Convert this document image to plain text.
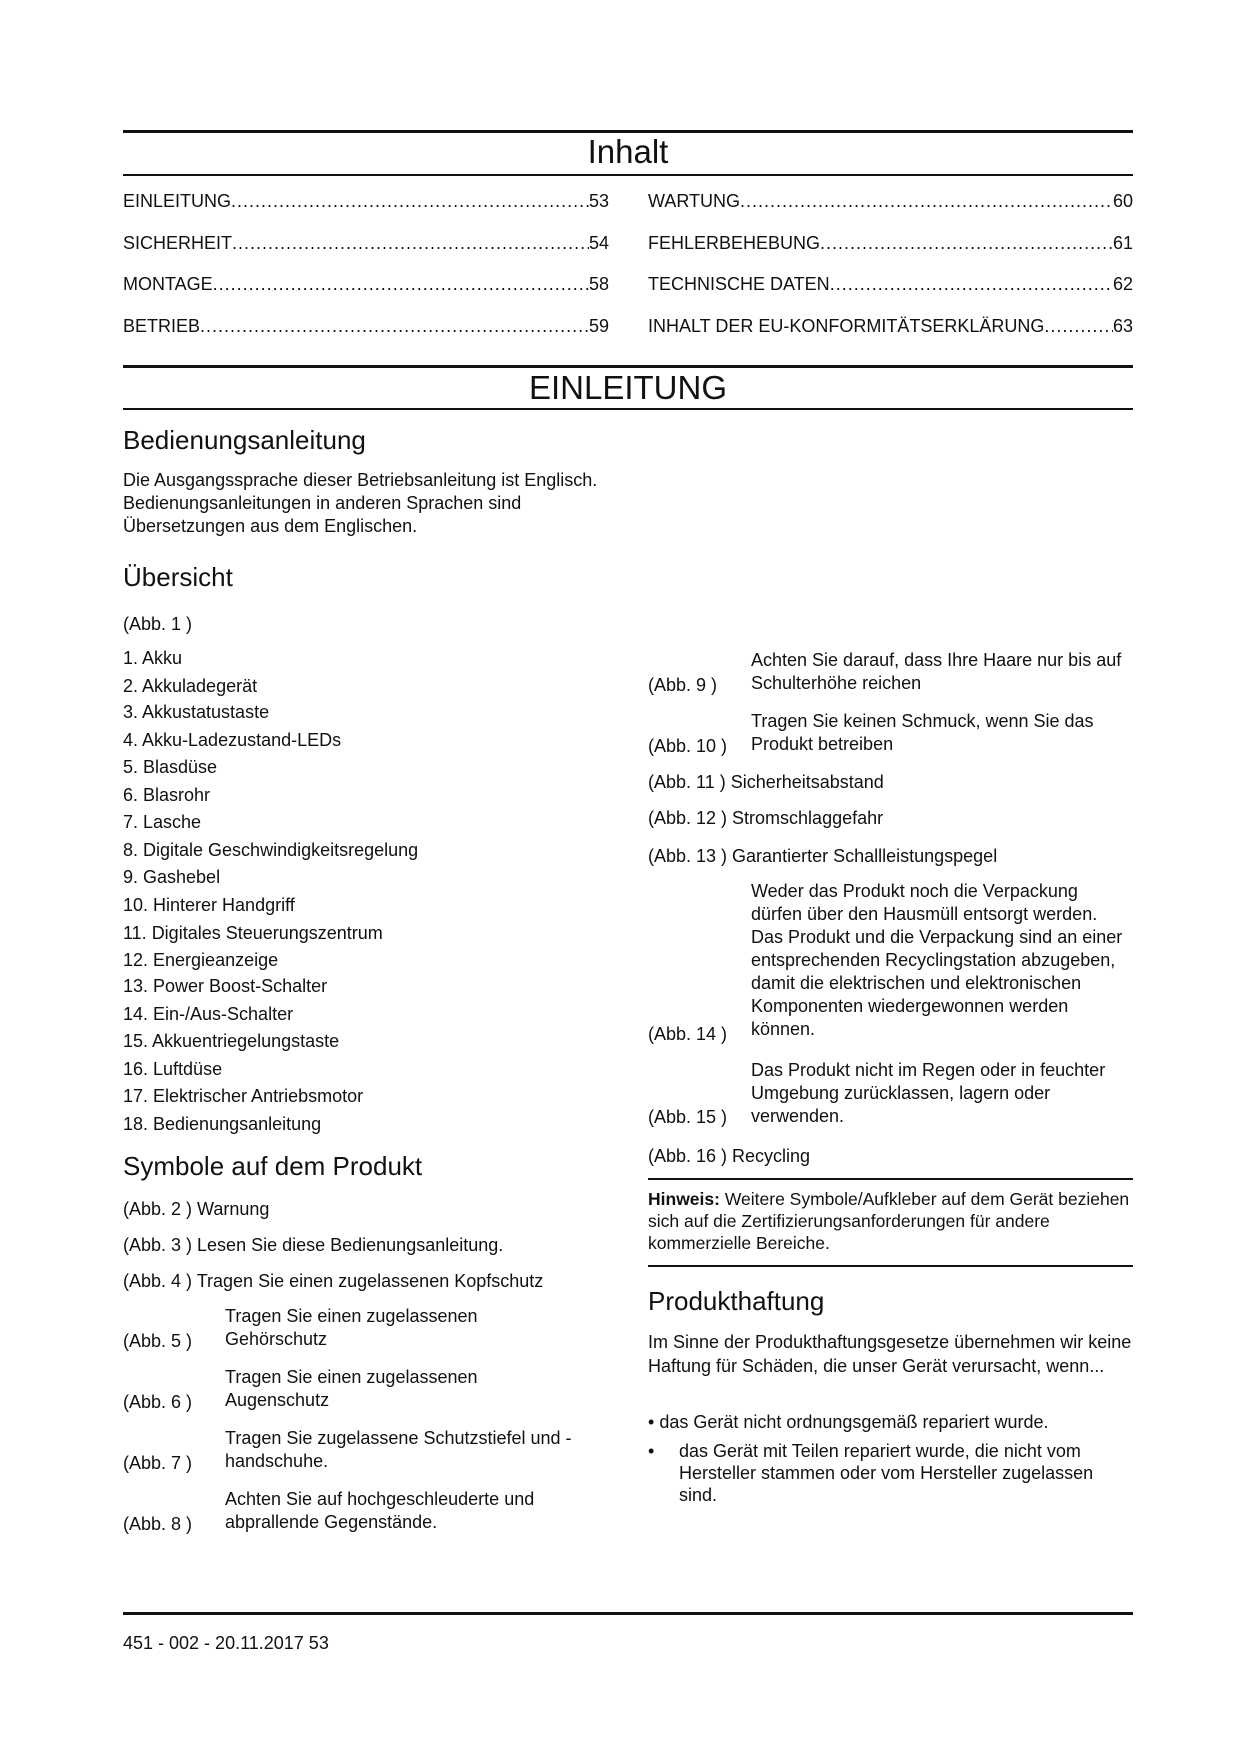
Inhalt
EINLEITUNG .....	53
SICHERHEIT .....	54
MONTAGE .....	58
BETRIEB .....	59
WARTUNG .....	60
FEHLERBEHEBUNG .....	61
TECHNISCHE DATEN .....	62
INHALT DER EU-KONFORMITÄTSERKLÄRUNG .....	63
EINLEITUNG
Bedienungsanleitung
Die Ausgangssprache dieser Betriebsanleitung ist Englisch. Bedienungsanleitungen in anderen Sprachen sind Übersetzungen aus dem Englischen.
Übersicht
(Abb. 1 )
1. Akku
2. Akkuladegerät
3. Akkustatustaste
4. Akku-Ladezustand-LEDs
5. Blasdüse
6. Blasrohr
7. Lasche
8. Digitale Geschwindigkeitsregelung
9. Gashebel
10. Hinterer Handgriff
11. Digitales Steuerungszentrum
12. Energieanzeige
13. Power Boost-Schalter
14. Ein-/Aus-Schalter
15. Akkuentriegelungstaste
16. Luftdüse
17. Elektrischer Antriebsmotor
18. Bedienungsanleitung
Symbole auf dem Produkt
(Abb. 2 ) Warnung
(Abb. 3 ) Lesen Sie diese Bedienungsanleitung.
(Abb. 4 ) Tragen Sie einen zugelassenen Kopfschutz
(Abb. 5 )
Tragen Sie einen zugelassenen Gehörschutz
(Abb. 6 )
Tragen Sie einen zugelassenen Augenschutz
(Abb. 7 )
Tragen Sie zugelassene Schutzstiefel und -handschuhe.
(Abb. 8 )
Achten Sie auf hochgeschleuderte und abprallende Gegenstände.
(Abb. 9 )
Achten Sie darauf, dass Ihre Haare nur bis auf Schulterhöhe reichen
(Abb. 10 )
Tragen Sie keinen Schmuck, wenn Sie das Produkt betreiben
(Abb. 11 ) Sicherheitsabstand
(Abb. 12 ) Stromschlaggefahr
(Abb. 13 ) Garantierter Schallleistungspegel
(Abb. 14 )
Weder das Produkt noch die Verpackung dürfen über den Hausmüll entsorgt werden. Das Produkt und die Verpackung sind an einer entsprechenden Recyclingstation abzugeben, damit die elektrischen und elektronischen Komponenten wiedergewonnen werden können.
(Abb. 15 )
Das Produkt nicht im Regen oder in feuchter Umgebung zurücklassen, lagern oder verwenden.
(Abb. 16 ) Recycling
Hinweis: Weitere Symbole/Aufkleber auf dem Gerät beziehen sich auf die Zertifizierungsanforderungen für andere kommerzielle Bereiche.
Produkthaftung
Im Sinne der Produkthaftungsgesetze übernehmen wir keine Haftung für Schäden, die unser Gerät verursacht, wenn...
• das Gerät nicht ordnungsgemäß repariert wurde.
• das Gerät mit Teilen repariert wurde, die nicht vom Hersteller stammen oder vom Hersteller zugelassen sind.
451 - 002 - 20.11.2017 53
